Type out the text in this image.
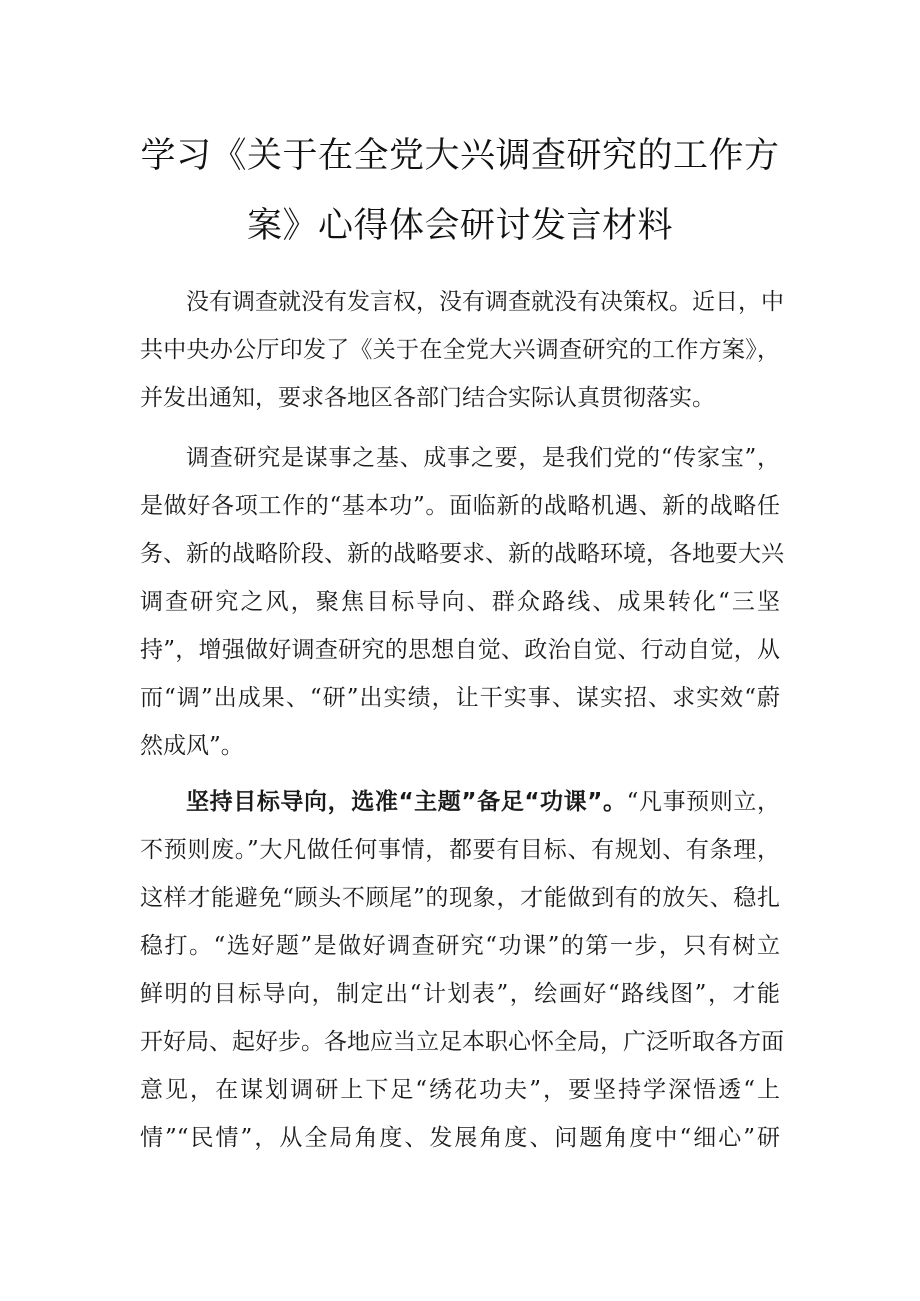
学习《关于在全党大兴调查研究的工作方
案》心得体会研讨发言材料
没有调查就没有发言权，没有调查就没有决策权。近日，中
共中央办公厅印发了《关于在全党大兴调查研究的工作方案》，
并发出通知，要求各地区各部门结合实际认真贯彻落实。
调查研究是谋事之基、成事之要，是我们党的“传家宝”，
是做好各项工作的“基本功”。面临新的战略机遇、新的战略任
务、新的战略阶段、新的战略要求、新的战略环境，各地要大兴
调查研究之风，聚焦目标导向、群众路线、成果转化“三坚
持”，增强做好调查研究的思想自觉、政治自觉、行动自觉，从
而“调”出成果、“研”出实绩，让干实事、谋实招、求实效“蔚
然成风”。
坚持目标导向，选准“主题”备足“功课”。“凡事预则立，
不预则废。”大凡做任何事情，都要有目标、有规划、有条理，
这样才能避免“顾头不顾尾”的现象，才能做到有的放矢、稳扎
稳打。“选好题”是做好调查研究“功课”的第一步，只有树立
鲜明的目标导向，制定出“计划表”，绘画好“路线图”，才能
开好局、起好步。各地应当立足本职心怀全局，广泛听取各方面
意见，在谋划调研上下足“绣花功夫”，要坚持学深悟透“上
情”“民情”，从全局角度、发展角度、问题角度中“细心”研
